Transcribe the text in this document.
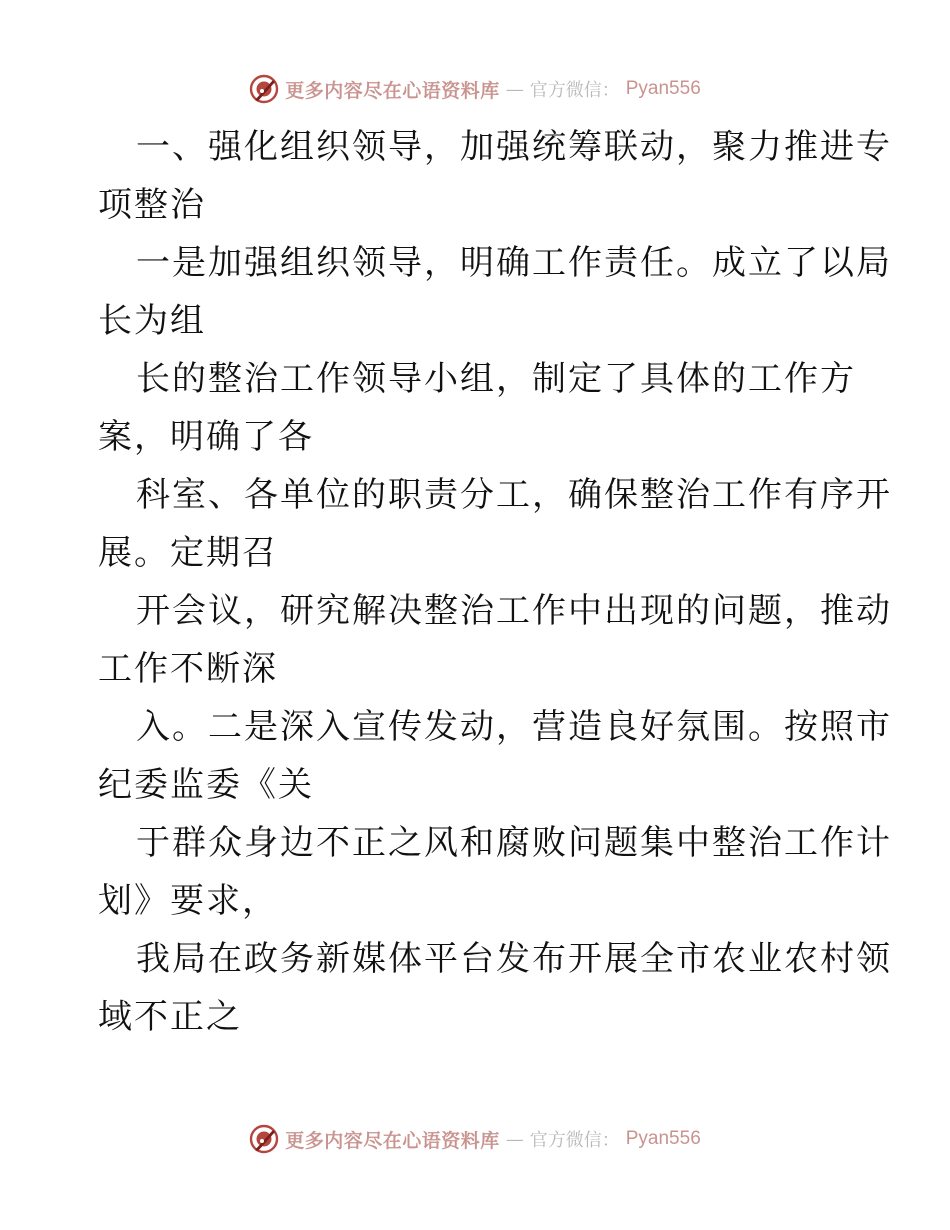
更多内容尽在心语资料库 — 官方微信： Pyan556

一、强化组织领导，加强统筹联动，聚力推进专

项整治

一是加强组织领导，明确工作责任。成立了以局

长为组

长的整治工作领导小组，制定了具体的工作方

案，明确了各

科室、各单位的职责分工，确保整治工作有序开

展。定期召

开会议，研究解决整治工作中出现的问题，推动

工作不断深

入。二是深入宣传发动，营造良好氛围。按照市

纪委监委《关

于群众身边不正之风和腐败问题集中整治工作计

划》要求，

我局在政务新媒体平台发布开展全市农业农村领

域不正之

更多内容尽在心语资料库 — 官方微信： Pyan556
